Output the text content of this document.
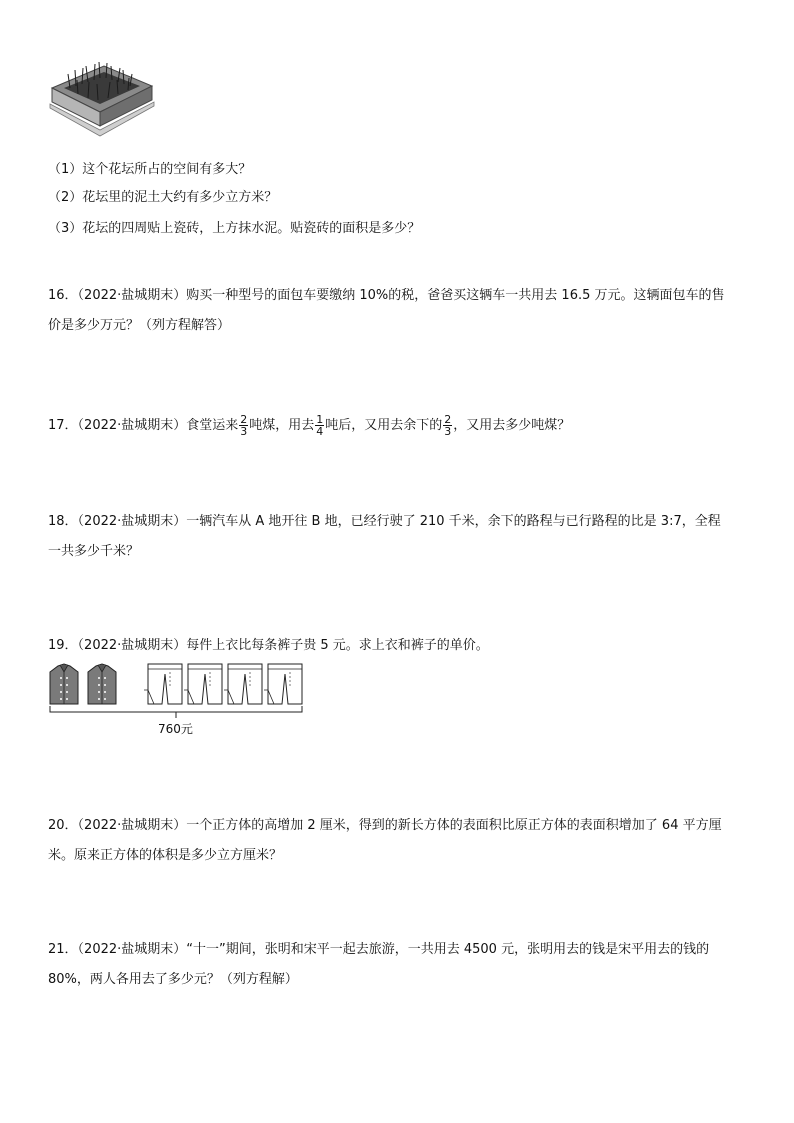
（1）这个花坛所占的空间有多大？
（2）花坛里的泥土大约有多少立方米？
（3）花坛的四周贴上瓷砖，上方抹水泥。贴瓷砖的面积是多少？
16．（2022·盐城期末）购买一种型号的面包车要缴纳 10%的税，爸爸买这辆车一共用去 16.5 万元。这辆面包车的售
价是多少万元？（列方程解答）
17．（2022·盐城期末）食堂运来 $\frac{2}{3}$ 吨煤，用去 $\frac{1}{4}$ 吨后，又用去余下的 $\frac{2}{3}$ ，又用去多少吨煤？
18．（2022·盐城期末）一辆汽车从 A 地开往 B 地，已经行驶了 210 千米，余下的路程与已行路程的比是 3:7，全程
一共多少千米？
19．（2022·盐城期末）每件上衣比每条裤子贵 5 元。求上衣和裤子的单价。
760元
20．（2022·盐城期末）一个正方体的高增加 2 厘米，得到的新长方体的表面积比原正方体的表面积增加了 64 平方厘
米。原来正方体的体积是多少立方厘米？
21．（2022·盐城期末）“十一”期间，张明和宋平一起去旅游，一共用去 4500 元，张明用去的钱是宋平用去的钱的
80%，两人各用去了多少元？（列方程解）
